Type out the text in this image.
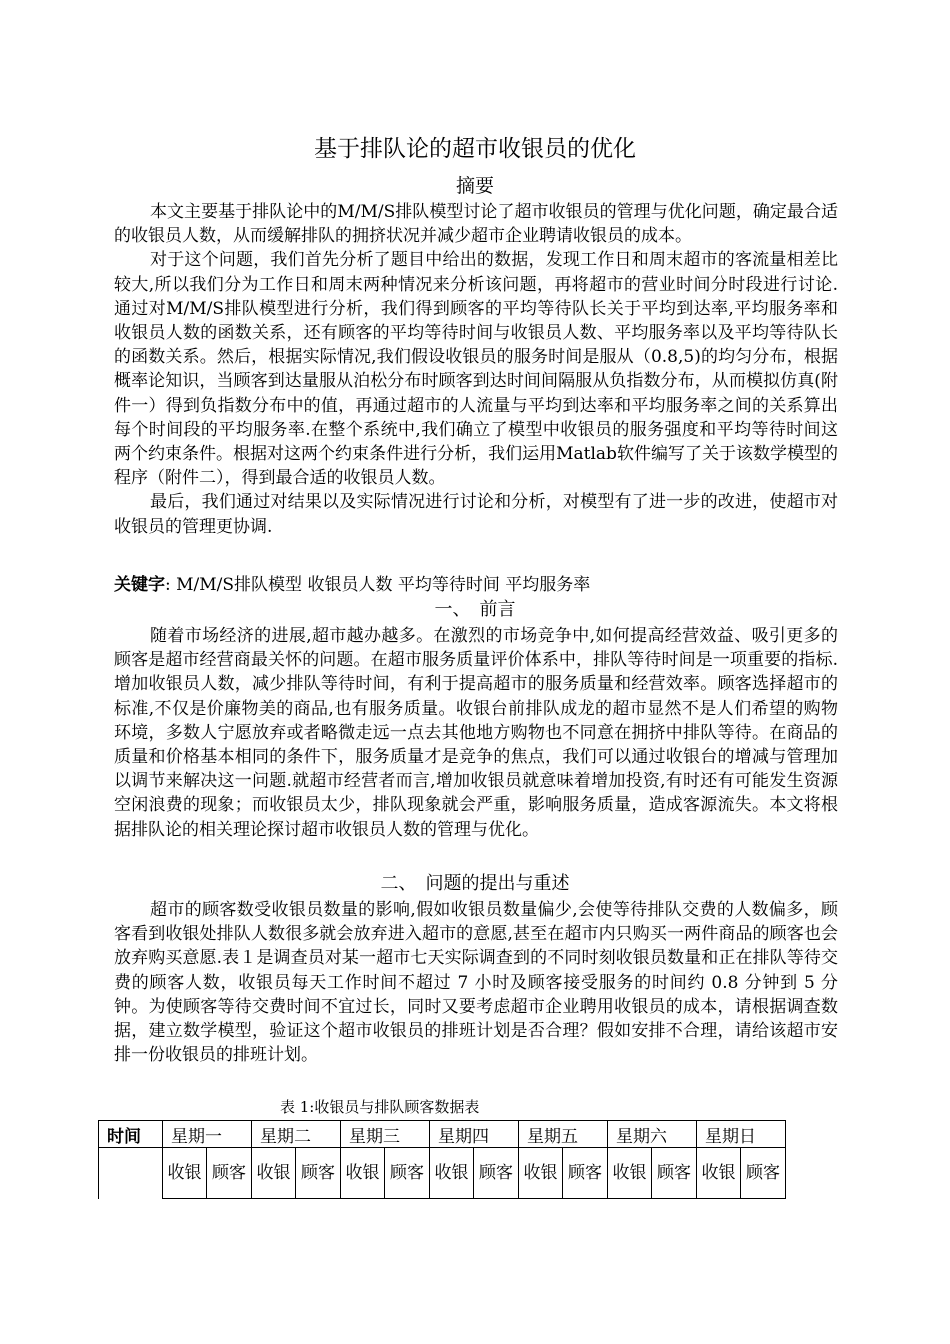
基于排队论的超市收银员的优化
摘要

本文主要基于排队论中的M/M/S排队模型讨论了超市收银员的管理与优化问题，确定最合适的收银员人数，从而缓解排队的拥挤状况并减少超市企业聘请收银员的成本。

对于这个问题，我们首先分析了题目中给出的数据，发现工作日和周末超市的客流量相差比较大,所以我们分为工作日和周末两种情况来分析该问题，再将超市的营业时间分时段进行讨论.通过对M/M/S排队模型进行分析，我们得到顾客的平均等待队长关于平均到达率,平均服务率和收银员人数的函数关系，还有顾客的平均等待时间与收银员人数、平均服务率以及平均等待队长的函数关系。然后，根据实际情况,我们假设收银员的服务时间是服从（0.8,5)的均匀分布，根据概率论知识，当顾客到达量服从泊松分布时顾客到达时间间隔服从负指数分布，从而模拟仿真(附件一）得到负指数分布中的值，再通过超市的人流量与平均到达率和平均服务率之间的关系算出每个时间段的平均服务率.在整个系统中,我们确立了模型中收银员的服务强度和平均等待时间这两个约束条件。根据对这两个约束条件进行分析，我们运用Matlab软件编写了关于该数学模型的程序（附件二），得到最合适的收银员人数。

最后，我们通过对结果以及实际情况进行讨论和分析，对模型有了进一步的改进，使超市对收银员的管理更协调.

关键字: M/M/S排队模型 收银员人数 平均等待时间 平均服务率
一、　前言

随着市场经济的进展,超市越办越多。在激烈的市场竞争中,如何提高经营效益、吸引更多的顾客是超市经营商最关怀的问题。在超市服务质量评价体系中，排队等待时间是一项重要的指标.增加收银员人数，减少排队等待时间，有利于提高超市的服务质量和经营效率。顾客选择超市的标准,不仅是价廉物美的商品,也有服务质量。收银台前排队成龙的超市显然不是人们希望的购物环境，多数人宁愿放弃或者略微走远一点去其他地方购物也不同意在拥挤中排队等待。在商品的质量和价格基本相同的条件下，服务质量才是竞争的焦点，我们可以通过收银台的增减与管理加以调节来解决这一问题.就超市经营者而言,增加收银员就意味着增加投资,有时还有可能发生资源空闲浪费的现象；而收银员太少，排队现象就会严重，影响服务质量，造成客源流失。本文将根据排队论的相关理论探讨超市收银员人数的管理与优化。

二、　问题的提出与重述

超市的顾客数受收银员数量的影响,假如收银员数量偏少,会使等待排队交费的人数偏多，顾客看到收银处排队人数很多就会放弃进入超市的意愿,甚至在超市内只购买一两件商品的顾客也会放弃购买意愿.表１是调查员对某一超市七天实际调查到的不同时刻收银员数量和正在排队等待交费的顾客人数，收银员每天工作时间不超过 7 小时及顾客接受服务的时间约 0.8 分钟到 5 分钟。为使顾客等待交费时间不宜过长，同时又要考虑超市企业聘用收银员的成本，请根据调查数据，建立数学模型，验证这个超市收银员的排班计划是否合理？假如安排不合理，请给该超市安排一份收银员的排班计划。

表 1:收银员与排队顾客数据表
时间	星期一		星期二		星期三		星期四		星期五		星期六		星期日	
	收银	顾客	收银	顾客	收银	顾客	收银	顾客	收银	顾客	收银	顾客	收银	顾客
